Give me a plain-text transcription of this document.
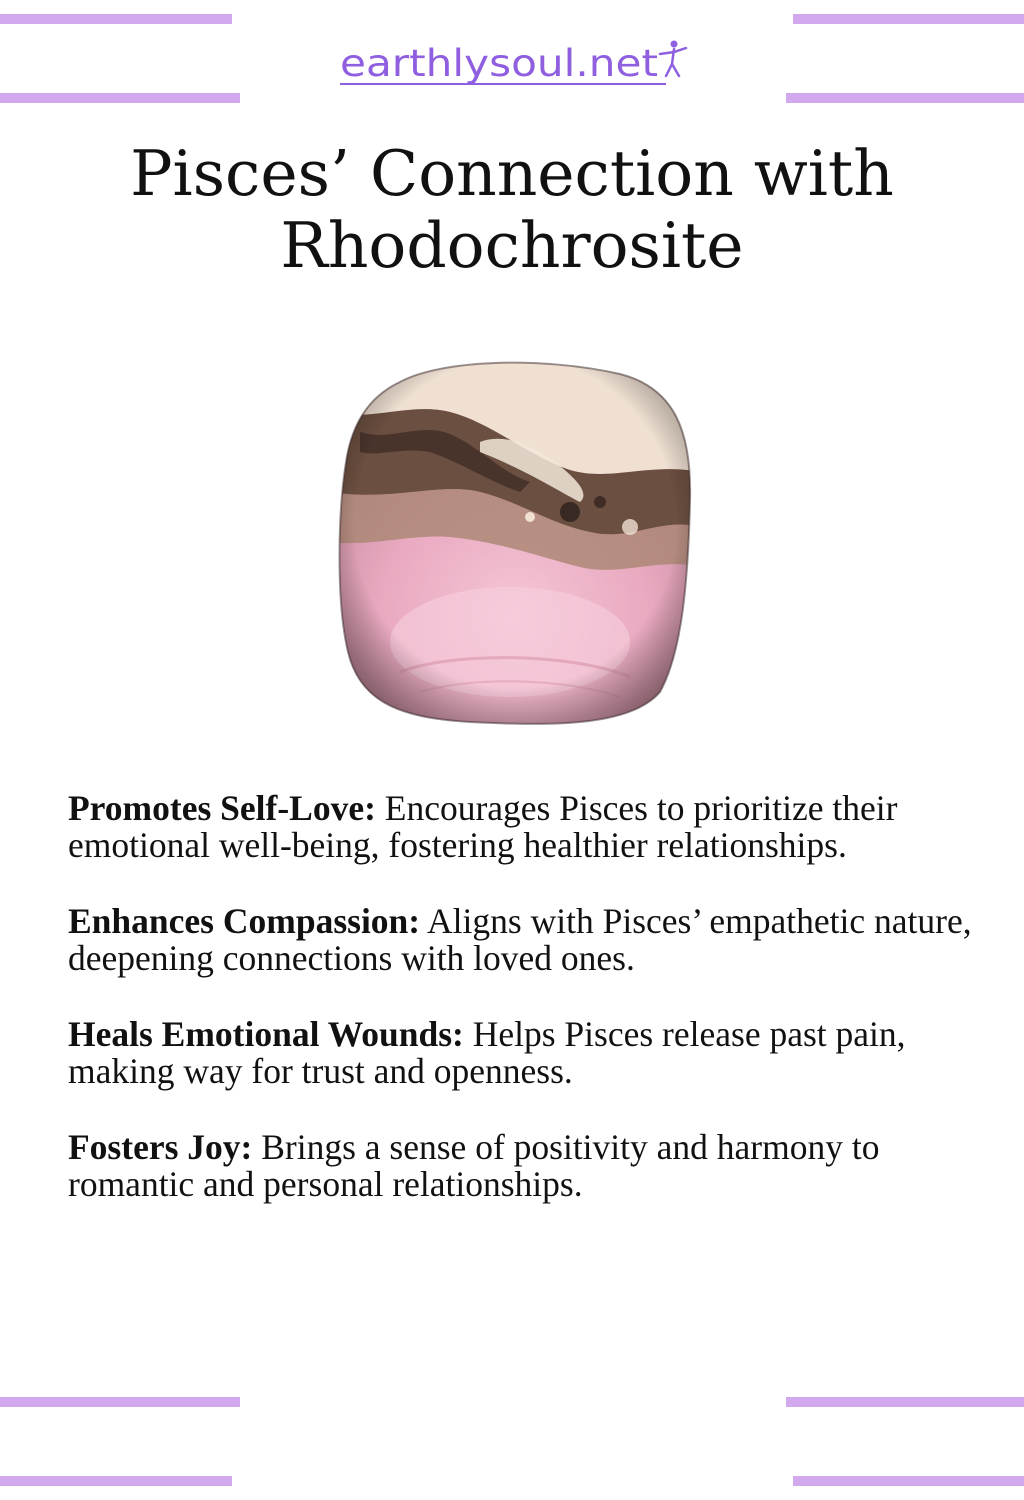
earthlysoul.net
Pisces’ Connection with
Rhodochrosite

Promotes Self-Love: Encourages Pisces to prioritize their emotional well-being, fostering healthier relationships.

Enhances Compassion: Aligns with Pisces’ empathetic nature, deepening connections with loved ones.

Heals Emotional Wounds: Helps Pisces release past pain, making way for trust and openness.

Fosters Joy: Brings a sense of positivity and harmony to romantic and personal relationships.
